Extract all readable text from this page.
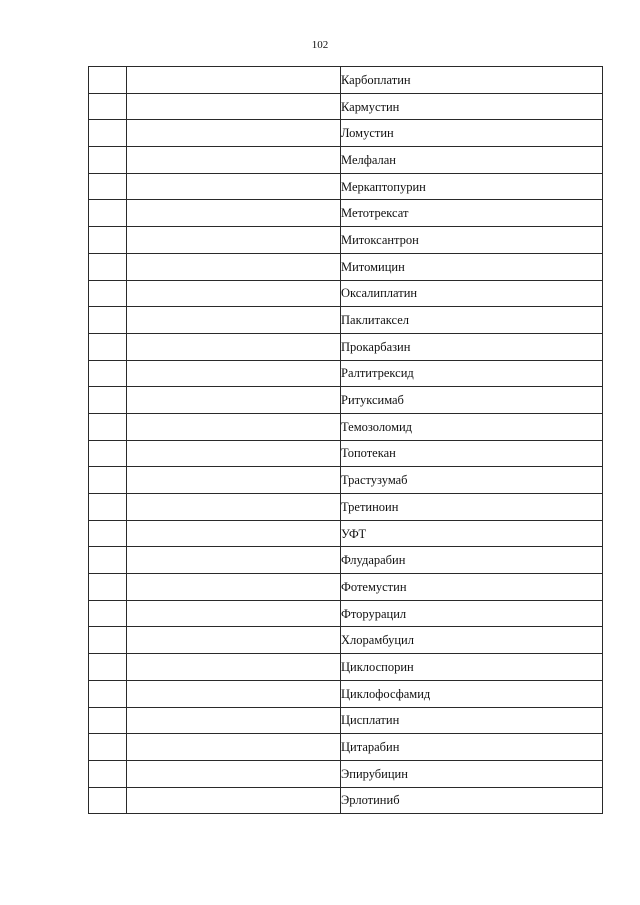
102
		Карбоплатин
		Кармустин
		Ломустин
		Мелфалан
		Меркаптопурин
		Метотрексат
		Митоксантрон
		Митомицин
		Оксалиплатин
		Паклитаксел
		Прокарбазин
		Ралтитрексид
		Ритуксимаб
		Темозоломид
		Топотекан
		Трастузумаб
		Третиноин
		УФТ
		Флударабин
		Фотемустин
		Фторурацил
		Хлорамбуцил
		Циклоспорин
		Циклофосфамид
		Цисплатин
		Цитарабин
		Эпирубицин
		Эрлотиниб
